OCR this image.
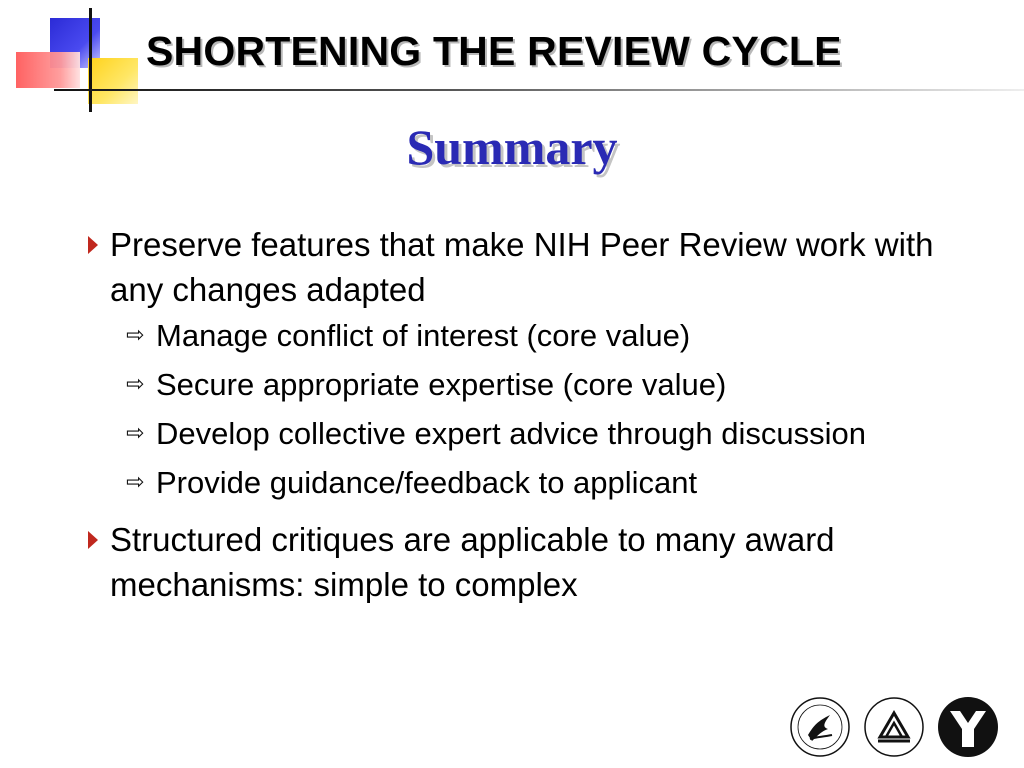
SHORTENING THE REVIEW CYCLE
Summary
Preserve features that make NIH Peer Review work with any changes adapted
⇨ Manage conflict of interest (core value)
⇨ Secure appropriate expertise (core value)
⇨ Develop collective expert advice through discussion
⇨ Provide guidance/feedback to applicant
Structured critiques are applicable to many award mechanisms: simple to complex
